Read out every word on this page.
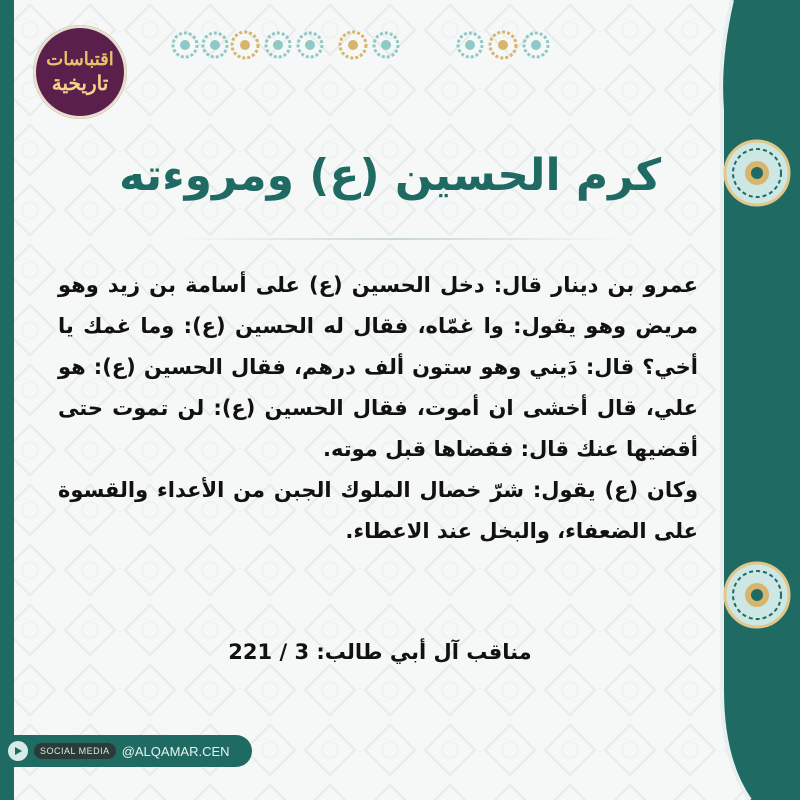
اقتباسات
تاريخية
كرم الحسين (ع) ومروءته

عمرو بن دينار قال: دخل الحسين (ع) على أسامة بن زيد وهو مريض وهو يقول: وا غمّاه، فقال له الحسين (ع): وما غمك يا أخي؟ قال: دَيني وهو ستون ألف درهم، فقال الحسين (ع): هو علي، قال أخشى ان أموت، فقال الحسين (ع): لن تموت حتى أقضيها عنك قال: فقضاها قبل موته.

وكان (ع) يقول: شرّ خصال الملوك الجبن من الأعداء والقسوة على الضعفاء، والبخل عند الاعطاء.

مناقب آل أبي طالب: 3 / 221
SOCIAL MEDIA @ALQAMAR.CEN
